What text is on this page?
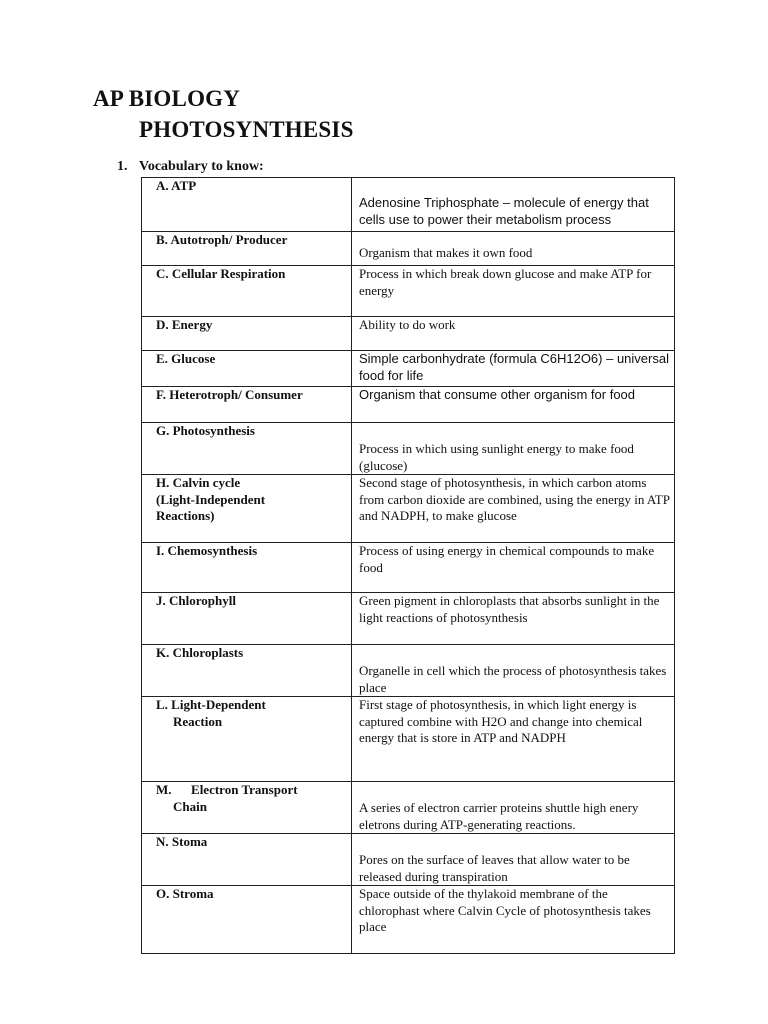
AP BIOLOGY
PHOTOSYNTHESIS
1. Vocabulary to know:
A. ATP	Adenosine Triphosphate – molecule of energy that cells use to power their metabolism process
B. Autotroph/ Producer	Organism that makes it own food
C. Cellular Respiration	Process in which break down glucose and make ATP for energy
D. Energy	Ability to do work
E. Glucose	Simple carbonhydrate (formula C6H12O6) – universal food for life
F. Heterotroph/ Consumer	Organism that consume other organism for food
G. Photosynthesis	Process in which using sunlight energy to make food (glucose)

H. Calvin cycle
(Light-Independent
Reactions)	Second stage of photosynthesis, in which carbon atoms from carbon dioxide are combined, using the energy in ATP and NADPH, to make glucose
I. Chemosynthesis	Process of using energy in chemical compounds to make food
J. Chlorophyll	Green pigment in chloroplasts that absorbs sunlight in the light reactions of photosynthesis
K. Chloroplasts	Organelle in cell which the process of photosynthesis takes place

L. Light-Dependent
Reaction	First stage of photosynthesis, in which light energy is captured combine with H2O and change into chemical energy that is store in ATP and NADPH

M.      Electron Transport
Chain	A series of electron carrier proteins shuttle high enery eletrons during ATP-generating reactions.
N. Stoma	Pores on the surface of leaves that allow water to be released during transpiration
O. Stroma	Space outside of the thylakoid membrane of the chlorophast where Calvin Cycle of photosynthesis takes place
